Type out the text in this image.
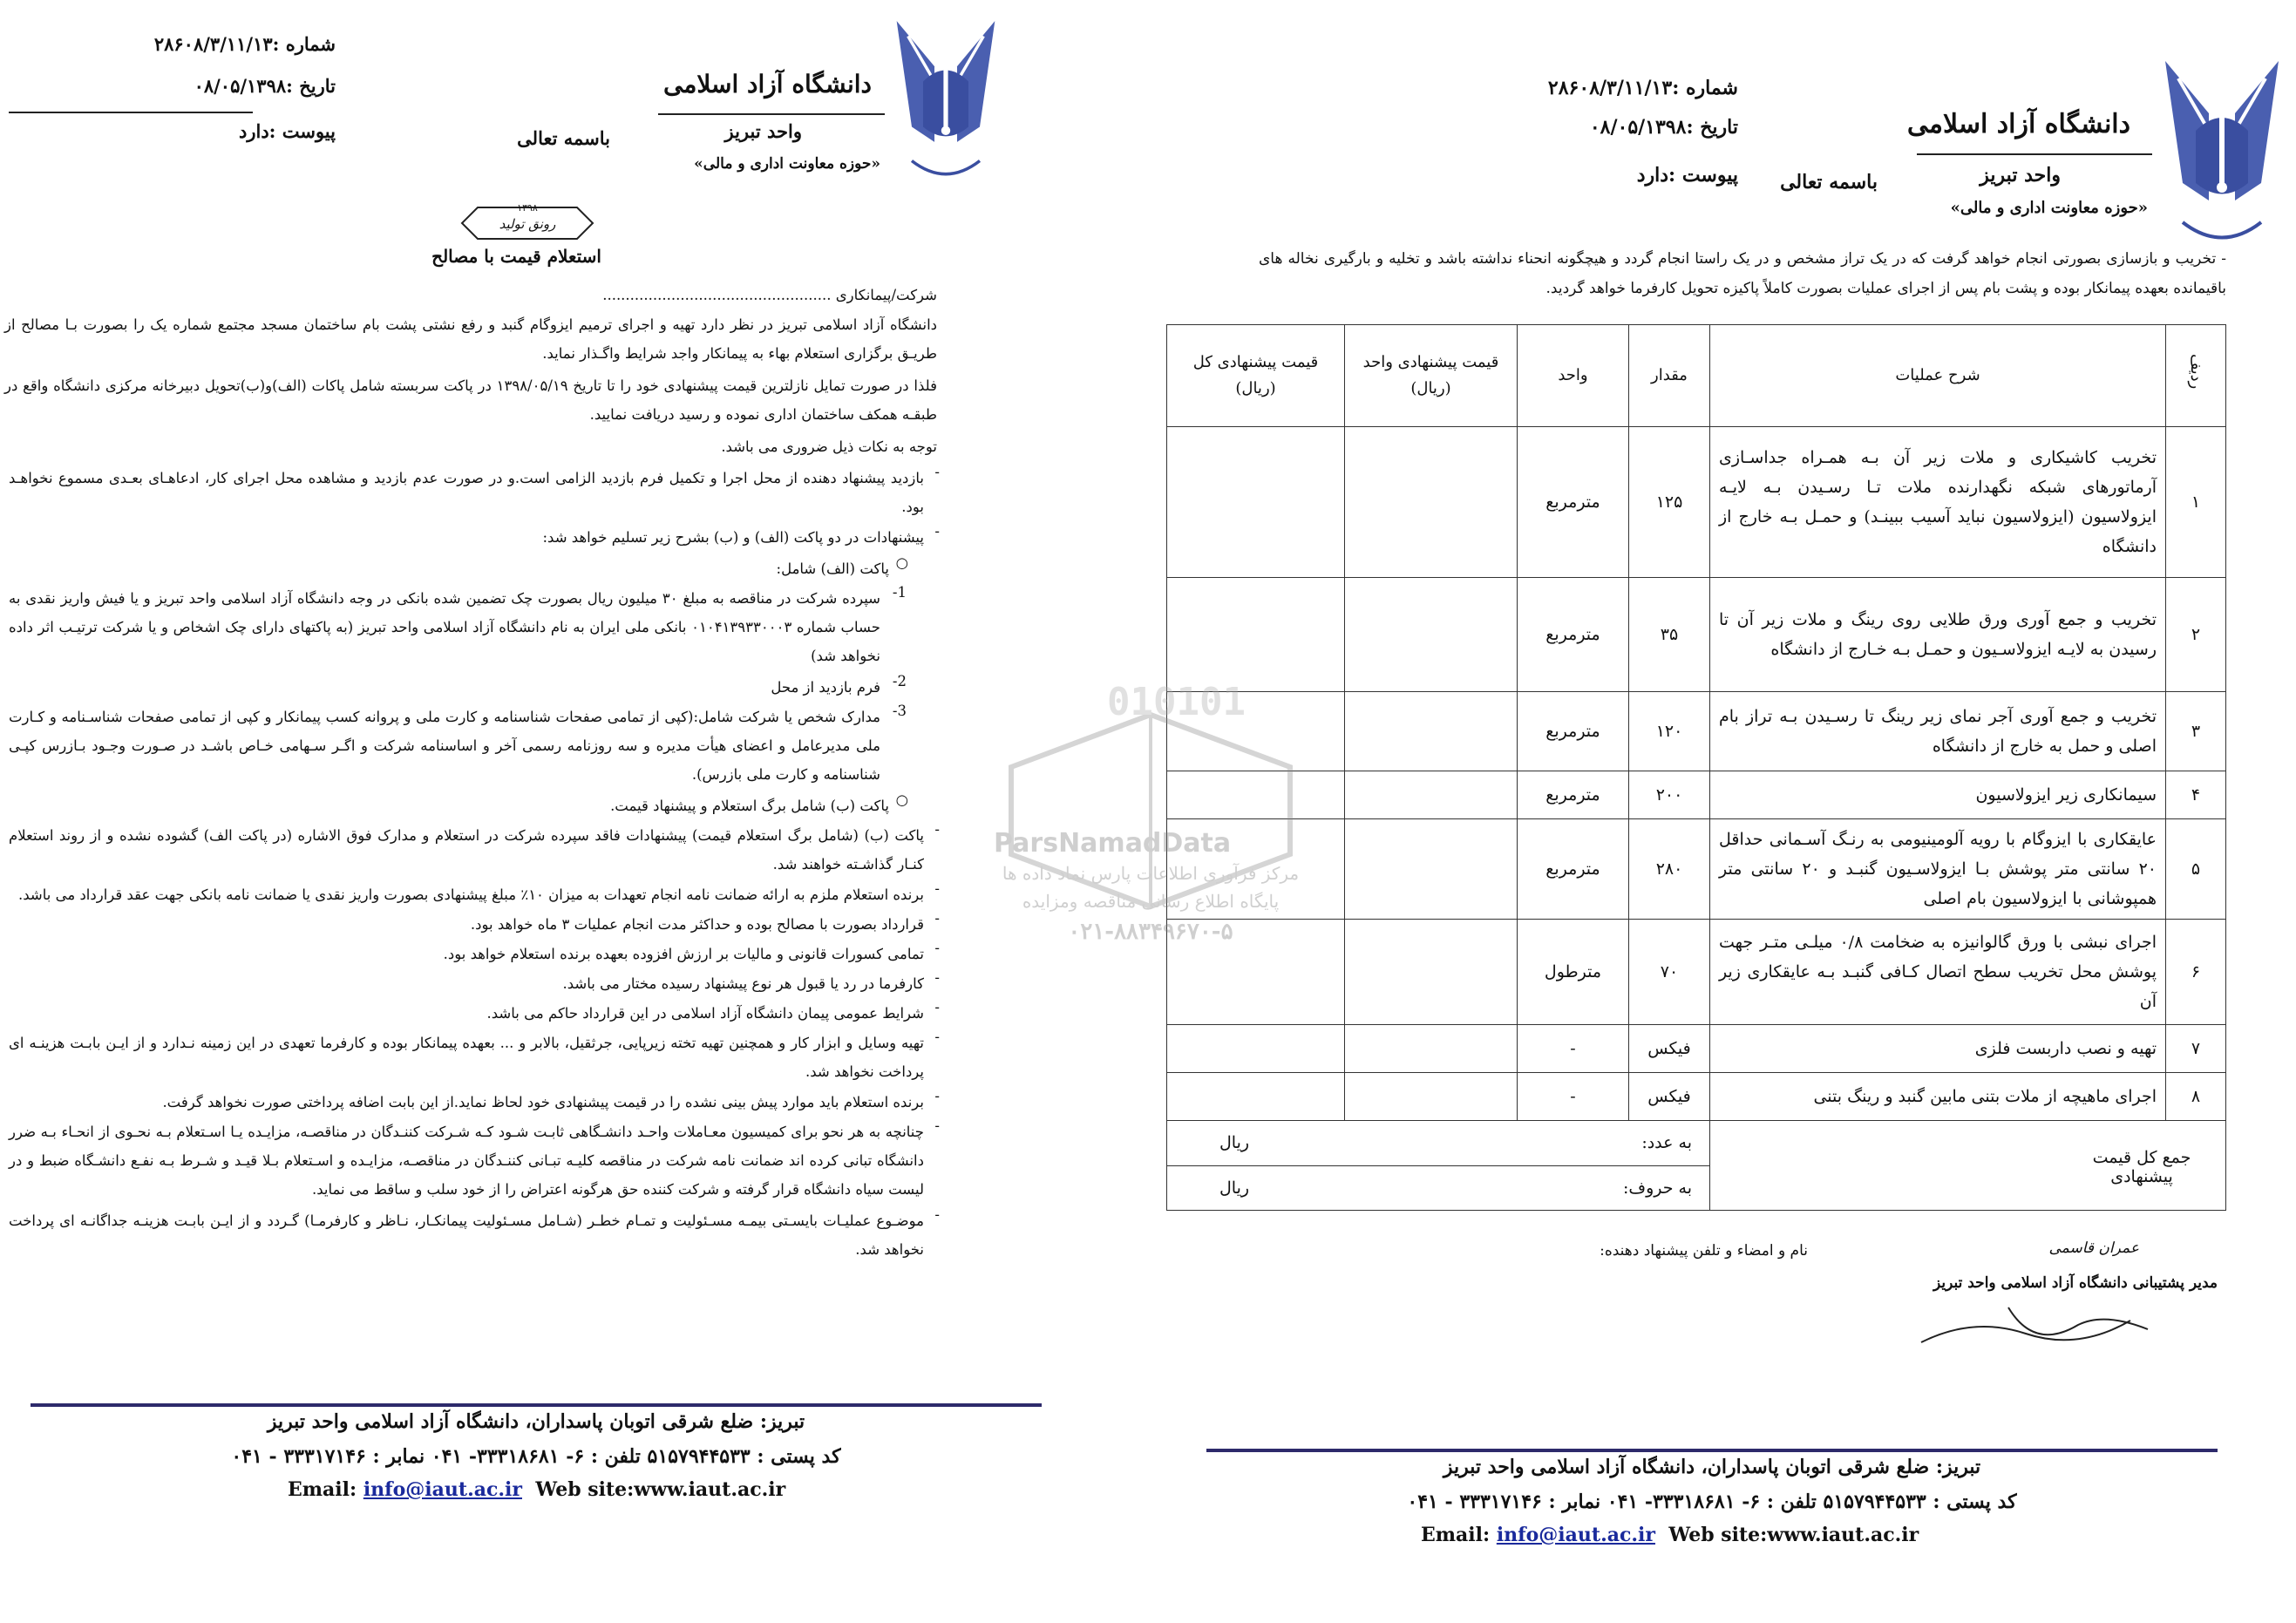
دانشگاه آزاد اسلامی
واحد تبریز
باسمه تعالی
«حوزه معاونت اداری و مالی»
شماره :۲۸۶۰۸/۳/۱۱/۱۳
تاریخ :۰۸/۰۵/۱۳۹۸
پیوست :دارد
- تخریب و بازسازی بصورتی انجام خواهد گرفت که در یک تراز مشخص و در یک راستا انجام گردد و هیچگونه انحناء نداشته باشد و تخلیه و بارگیری نخاله های باقیمانده بعهده پیمانکار بوده و پشت بام پس از اجرای عملیات بصورت کاملاً پاکیزه تحویل کارفرما خواهد گردید.
ردیف	شرح عملیات	مقدار	واحد	قیمت پیشنهادی واحد (ریال)	قیمت پیشنهادی کل (ریال)
۱	تخریب کاشیکاری و ملات زیر آن بـه همـراه جداسـازی آرماتورهای شبکه نگهدارنده ملات تـا رسـیدن بـه لایـه ایزولاسیون (ایزولاسیون نباید آسیب ببینـد) و حمـل بـه خارج از دانشگاه	۱۲۵	مترمربع		
۲	تخریب و جمع آوری ورق طلایی روی رینگ و ملات زیر آن تا رسیدن به لایـه ایزولاسـیون و حمـل بـه خـارج از دانشگاه	۳۵	مترمربع		
۳	تخریب و جمع آوری آجر نمای زیر رینگ تا رسـیدن بـه تراز بام اصلی و حمل به خارج از دانشگاه	۱۲۰	مترمربع		
۴	سیمانکاری زیر ایزولاسیون	۲۰۰	مترمربع		
۵	عایقکاری با ایزوگام با رویه آلومینیومی به رنـگ آسـمانی حداقل ۲۰ سانتی متر پوشش بـا ایزولاسـیون گنبـد و ۲۰ سانتی متر همپوشانی با ایزولاسیون بام اصلی	۲۸۰	مترمربع		
۶	اجرای نبشی با ورق گالوانیزه به ضخامت ۰/۸ میلـی متـر جهت پوشش محل تخریب سطح اتصال کـافی گنبـد بـه عایقکاری زیر آن	۷۰	مترطول		
۷	تهیه و نصب داربست فلزی	فیکس	-		
۸	اجرای ماهیچه از ملات بتنی مابین گنبد و رینگ بتنی	فیکس	-		

جمع کل قیمت پیشنهادی		به عدد:
ریال			

		به حروف:
ریال			
نام و امضاء و تلفن پیشنهاد دهنده:	عمران قاسمی
مدیر پشتیبانی دانشگاه آزاد اسلامی واحد تبریز
تبریز: ضلع شرقی اتوبان پاسداران، دانشگاه آزاد اسلامی واحد تبریز
کد پستی : ۵۱۵۷۹۴۴۵۳۳ تلفن : ۶- ۳۳۳۱۸۶۸۱- ۰۴۱ نمابر : ۳۳۳۱۷۱۴۶ - ۰۴۱
Email: info@iaut.ac.ir Web site:www.iaut.ac.ir
دانشگاه آزاد اسلامی
واحد تبریز
باسمه تعالی
«حوزه معاونت اداری و مالی»
شماره :۲۸۶۰۸/۳/۱۱/۱۳
تاریخ :۰۸/۰۵/۱۳۹۸
پیوست :دارد
۱۳۹۸
رونق تولید
استعلام قیمت با مصالح
شرکت/پیمانکاری ..................................................
دانشگاه آزاد اسلامی تبریز در نظر دارد تهیه و اجرای ترمیم ایزوگام گنبد و رفع نشتی پشت بام ساختمان مسجد مجتمع شماره یک را بصورت بـا مصالح از طریـق برگزاری استعلام بهاء به پیمانکار واجد شرایط واگـذار نماید.
فلذا در صورت تمایل نازلترین قیمت پیشنهادی خود را تا تاریخ ۱۳۹۸/۰۵/۱۹ در پاکت سربسته شامل پاکات (الف)و(ب)تحویل دبیرخانه مرکزی دانشگاه واقع در طبقـه همکف ساختمان اداری نموده و رسید دریافت نمایید.
توجه به نکات ذیل ضروری می باشد.
بازدید پیشنهاد دهنده از محل اجرا و تکمیل فرم بازدید الزامی است.و در صورت عدم بازدید و مشاهده محل اجرای کار، ادعاهـای بعـدی مسموع نخواهـد بود.
-
پیشنهادات در دو پاکت (الف) و (ب) بشرح زیر تسلیم خواهد شد: -
پاکت (الف) شامل: ○
1-
سپرده شرکت در مناقصه به مبلغ ۳۰ میلیون ریال بصورت چک تضمین شده بانکی در وجه دانشگاه آزاد اسلامی واحد تبریز و یا فیش واریز نقدی به حساب شماره ۰۱۰۴۱۳۹۳۳۰۰۰۳ بانکی ملی ایران به نام دانشگاه آزاد اسلامی واحد تبریز (به پاکتهای دارای چک اشخاص و یا شرکت ترتیـب اثر داده نخواهد شد)
2-
فرم بازدید از محل
3-
مدارک شخص یا شرکت شامل:(کپی از تمامی صفحات شناسنامه و کارت ملی و پروانه کسب پیمانکار و کپی از تمامی صفحات شناسـنامه و کـارت ملی مدیرعامل و اعضای هیأت مدیره و سه روزنامه رسمی آخر و اساسنامه شرکت و اگـر سـهامی خـاص باشـد در صـورت وجـود بـازرس کپـی شناسنامه و کارت ملی بازرس).
پاکت (ب) شامل برگ استعلام و پیشنهاد قیمت. ○
پاکت (ب) (شامل برگ استعلام قیمت) پیشنهادات فاقد سپرده شرکت در استعلام و مدارک فوق الاشاره (در پاکت الف) گشوده نشده و از روند استعلام کنـار گذاشـته خواهند شد.
-
برنده استعلام ملزم به ارائه ضمانت نامه انجام تعهدات به میزان ۱۰٪ مبلغ پیشنهادی بصورت واریز نقدی یا ضمانت نامه بانکی جهت عقد قرارداد می باشد. -
قرارداد بصورت با مصالح بوده و حداکثر مدت انجام عملیات ۳ ماه خواهد بود. -
تمامی کسورات قانونی و مالیات بر ارزش افزوده بعهده برنده استعلام خواهد بود. -
کارفرما در رد یا قبول هر نوع پیشنهاد رسیده مختار می باشد. -
شرایط عمومی پیمان دانشگاه آزاد اسلامی در این قرارداد حاکم می باشد. -
تهیه وسایل و ابزار کار و همچنین تهیه تخته زیرپایی، جرثقیل، بالابر و ... بعهده پیمانکار بوده و کارفرما تعهدی در این زمینه نـدارد و از ایـن بابـت هزینـه ای پرداخت نخواهد شد.
-
برنده استعلام باید موارد پیش بینی نشده را در قیمت پیشنهادی خود لحاظ نماید.از این بابت اضافه پرداختی صورت نخواهد گرفت. -
چنانچه به هر نحو برای کمیسیون معـاملات واحـد دانشـگاهی ثابـت شـود کـه شـرکت کننـدگان در مناقصـه، مزایـده یـا اسـتعلام بـه نحـوی از انحـاء بـه ضرر دانشگاه تبانی کرده اند ضمانت نامه شرکت در مناقصه کلیـه تبـانی کننـدگان در مناقصـه، مزایـده و اسـتعلام بـلا قیـد و شـرط بـه نفـع دانشـگاه ضبط و در لیست سیاه دانشگاه قرار گرفته و شرکت کننده حق هرگونه اعتراض را از خود سلب و ساقط می نماید.
-
موضـوع عملیـات بایسـتی بیمـه مسـئولیت و تمـام خطـر (شـامل مسـئولیت پیمانکـار، نـاظر و کارفرمـا) گـردد و از ایـن بابـت هزینـه جداگانـه ای پرداخت نخواهد شد.
-
010101
ParsNamadData
مرکز فرآوری اطلاعات پارس نماد داده ها
پایگاه اطلاع رسانی مناقصه ومزایده
۰۲۱-۸۸۳۴۹۶۷۰-۵
تبریز: ضلع شرقی اتوبان پاسداران، دانشگاه آزاد اسلامی واحد تبریز
کد پستی : ۵۱۵۷۹۴۴۵۳۳ تلفن : ۶- ۳۳۳۱۸۶۸۱- ۰۴۱ نمابر : ۳۳۳۱۷۱۴۶ - ۰۴۱
Email: info@iaut.ac.ir Web site:www.iaut.ac.ir
